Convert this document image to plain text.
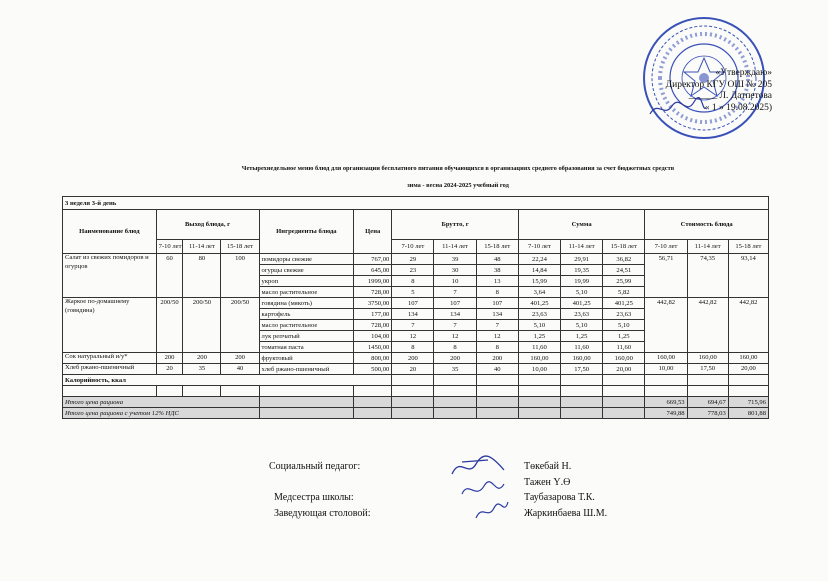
«Утверждаю»
Директор КГУ ОШ № 205
______ Л. Датпетова
« 1 » 19.08.2025)
Четырехнедельное меню блюд для организации бесплатного питания обучающихся в организациях среднего образования за счет бюджетных средств
зима - весна 2024-2025 учебный год
3 неделя 3-й день														
Наименование блюд	Выход блюда, г			Ингредиенты блюда	Цена	Брутто, г			Сумма			Стоимость блюда		

	7-10 лет	11-14 лет	15-18 лет			7-10 лет	11-14 лет	15-18 лет	7-10 лет	11-14 лет	15-18 лет	7-10 лет	11-14 лет	15-18 лет
Салат из свежих помидоров и огурцов	60	80	100	помидоры свежие	767,00	29	39	48	22,24	29,91	36,82	56,71	74,35	93,14
				огурцы свежие	645,00	23	30	38	14,84	19,35	24,51			
				укроп	1999,00	8	10	13	15,99	19,99	25,99			
				масло растительное	728,00	5	7	8	3,64	5,10	5,82			
Жаркое по-домашнему (говядина)	200/50	200/50	200/50	говядина (мякоть)	3750,00	107	107	107	401,25	401,25	401,25	442,82	442,82	442,82
				картофель	177,00	134	134	134	23,63	23,63	23,63			
				масло растительное	728,00	7	7	7	5,10	5,10	5,10			
				лук репчатый	104,00	12	12	12	1,25	1,25	1,25			
				томатная паста	1450,00	8	8	8	11,60	11,60	11,60			
Сок натуральный и/у*	200	200	200	фруктовый	800,00	200	200	200	160,00	160,00	160,00	160,00	160,00	160,00
Хлеб ржано-пшеничный	20	35	40	хлеб ржано-пшеничный	500,00	20	35	40	10,00	17,50	20,00	10,00	17,50	20,00
Калорийность, ккал														

Итого цена рациона												669,53	694,67	715,96
Итого цена рациона с учетом 12% НДС												749,88	778,03	801,88
Социальный педагог:	Төкебай Н.
Тажен Ү.Ө
Медсестра школы:	Таубазарова Т.К.
Заведующая столовой:	Жаркинбаева Ш.М.
